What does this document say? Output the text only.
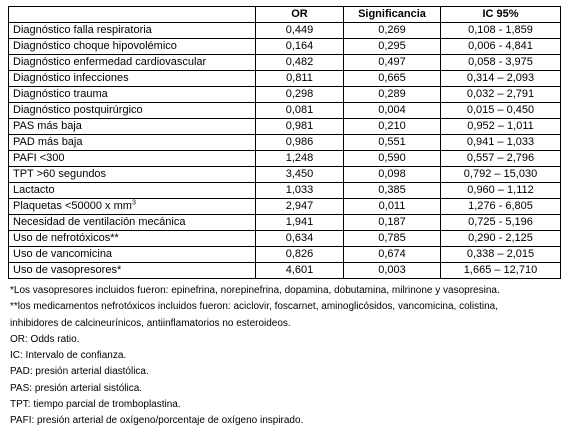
	OR	Significancia	IC 95%
Diagnóstico falla respiratoria	0,449	0,269	0,108 - 1,859
Diagnóstico choque hipovolémico	0,164	0,295	0,006 - 4,841
Diagnóstico enfermedad cardiovascular	0,482	0,497	0,058 - 3,975
Diagnóstico infecciones	0,811	0,665	0,314 – 2,093
Diagnóstico trauma	0,298	0,289	0,032 – 2,791
Diagnóstico postquirúrgico	0,081	0,004	0,015 – 0,450
PAS más baja	0,981	0,210	0,952 – 1,011
PAD más baja	0,986	0,551	0,941 – 1,033
PAFI <300	1,248	0,590	0,557 – 2,796
TPT >60 segundos	3,450	0,098	0,792 – 15,030
Lactacto	1,033	0,385	0,960 – 1,112
Plaquetas <50000 x $mm^3$	2,947	0,011	1,276 - 6,805
Necesidad de ventilación mecánica	1,941	0,187	0,725 - 5,196
Uso de nefrotóxicos**	0,634	0,785	0,290 - 2,125
Uso de vancomicina	0,826	0,674	0,338 – 2,015
Uso de vasopresores*	4,601	0,003	1,665 – 12,710
*Los vasopresores incluidos fueron: epinefrina, norepinefrina, dopamina, dobutamina, milrinone y vasopresina.
**los medicamentos nefrotóxicos incluidos fueron: aciclovir, foscarnet, aminoglicósidos, vancomicina, colistina,
inhibidores de calcineurínicos, antiinflamatorios no esteroideos.
OR: Odds ratio.
IC: Intervalo de confianza.
PAD: presión arterial diastólica.
PAS: presión arterial sistólica.
TPT: tiempo parcial de tromboplastina.
PAFI: presión arterial de oxígeno/porcentaje de oxígeno inspirado.
